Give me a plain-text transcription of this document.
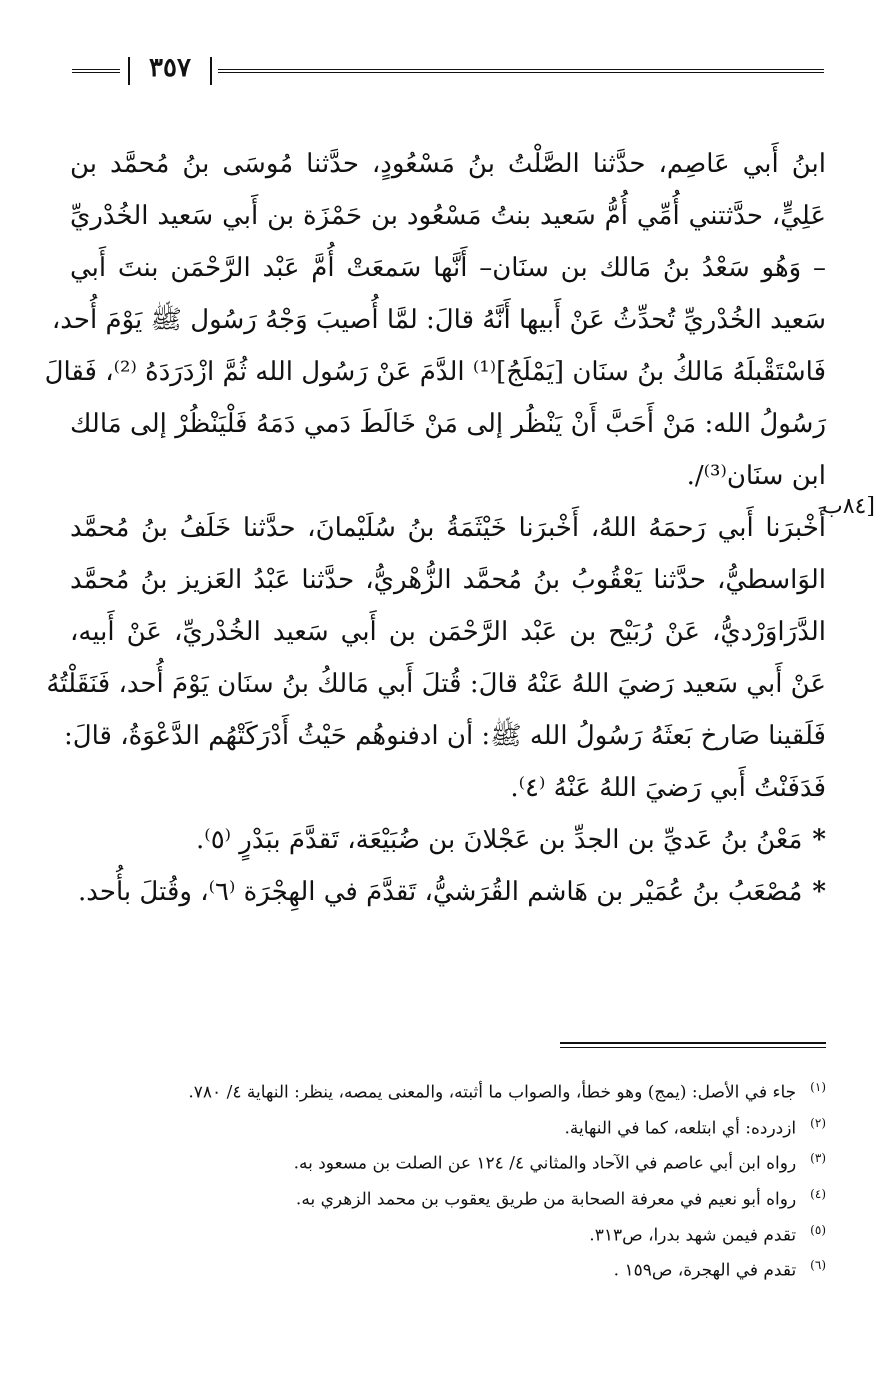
٣٥٧
[٨٤ب

ابنُ أَبي عَاصِم، حدَّثنا الصَّلْتُ بنُ مَسْعُودٍ، حدَّثنا مُوسَى بنُ مُحمَّد بن
عَلِيٍّ، حدَّثتني أُمِّي أُمُّ سَعيد بنتُ مَسْعُود بن حَمْزَة بن أَبي سَعيد الخُدْريِّ
– وَهُو سَعْدُ بنُ مَالك بن سنَان– أَنَّها سَمعَتْ أُمَّ عَبْد الرَّحْمَن بنتَ أَبي
سَعيد الخُدْريِّ تُحدِّثُ عَنْ أَبيها أَنَّهُ قالَ: لمَّا أُصيبَ وَجْهُ رَسُول ﷺ يَوْمَ أُحد،
فَاسْتَقْبلَهُ مَالكُ بنُ سنَان [يَمْلَجُ]⁽¹⁾ الدَّمَ عَنْ رَسُول الله ثُمَّ ازْدَرَدَهُ ⁽²⁾، فَقالَ
رَسُولُ الله: مَنْ أَحَبَّ أَنْ يَنْظُر إلى مَنْ خَالَطَ دَمي دَمَهُ فَلْيَنْظُرْ إلى مَالك
ابن سنَان⁽³⁾/.

أَخْبرَنا أَبي رَحمَهُ اللهُ، أَخْبرَنا خَيْثَمَةُ بنُ سُلَيْمانَ، حدَّثنا خَلَفُ بنُ مُحمَّد
الوَاسطيُّ، حدَّثنا يَعْقُوبُ بنُ مُحمَّد الزُّهْريُّ، حدَّثنا عَبْدُ العَزيز بنُ مُحمَّد
الدَّرَاوَرْديُّ، عَنْ رُبَيْح بن عَبْد الرَّحْمَن بن أَبي سَعيد الخُدْريِّ، عَنْ أَبيه،
عَنْ أَبي سَعيد رَضيَ اللهُ عَنْهُ قالَ: قُتلَ أَبي مَالكُ بنُ سنَان يَوْمَ أُحد، فَنَقَلْتُهُ
فَلَقينا صَارخ بَعثَهُ رَسُولُ الله ﷺ: أن ادفنوهُم حَيْثُ أَدْرَكَتْهُم الدَّعْوَةُ، قالَ:
فَدَفَنْتُ أَبي رَضيَ اللهُ عَنْهُ ⁽٤⁾.

*مَعْنُ بنُ عَديِّ بن الجدِّ بن عَجْلانَ بن ضُبَيْعَة، تَقدَّمَ ببَدْرٍ ⁽٥⁾.

*مُصْعَبُ بنُ عُمَيْر بن هَاشم القُرَشيُّ، تَقدَّمَ في الهِجْرَة ⁽٦⁾، وقُتلَ بأُحد.

$^{(١)}$جاء في الأصل: (يمج) وهو خطأ، والصواب ما أثبته، والمعنى يمصه، ينظر: النهاية ٤/ ٧٨٠.
$^{(٢)}$ازدرده: أي ابتلعه، كما في النهاية.
$^{(٣)}$رواه ابن أبي عاصم في الآحاد والمثاني ٤/ ١٢٤ عن الصلت بن مسعود به.
$^{(٤)}$رواه أبو نعيم في معرفة الصحابة من طريق يعقوب بن محمد الزهري به.
$^{(٥)}$تقدم فيمن شهد بدرا، ص٣١٣.
$^{(٦)}$تقدم في الهجرة، ص١٥٩ .
